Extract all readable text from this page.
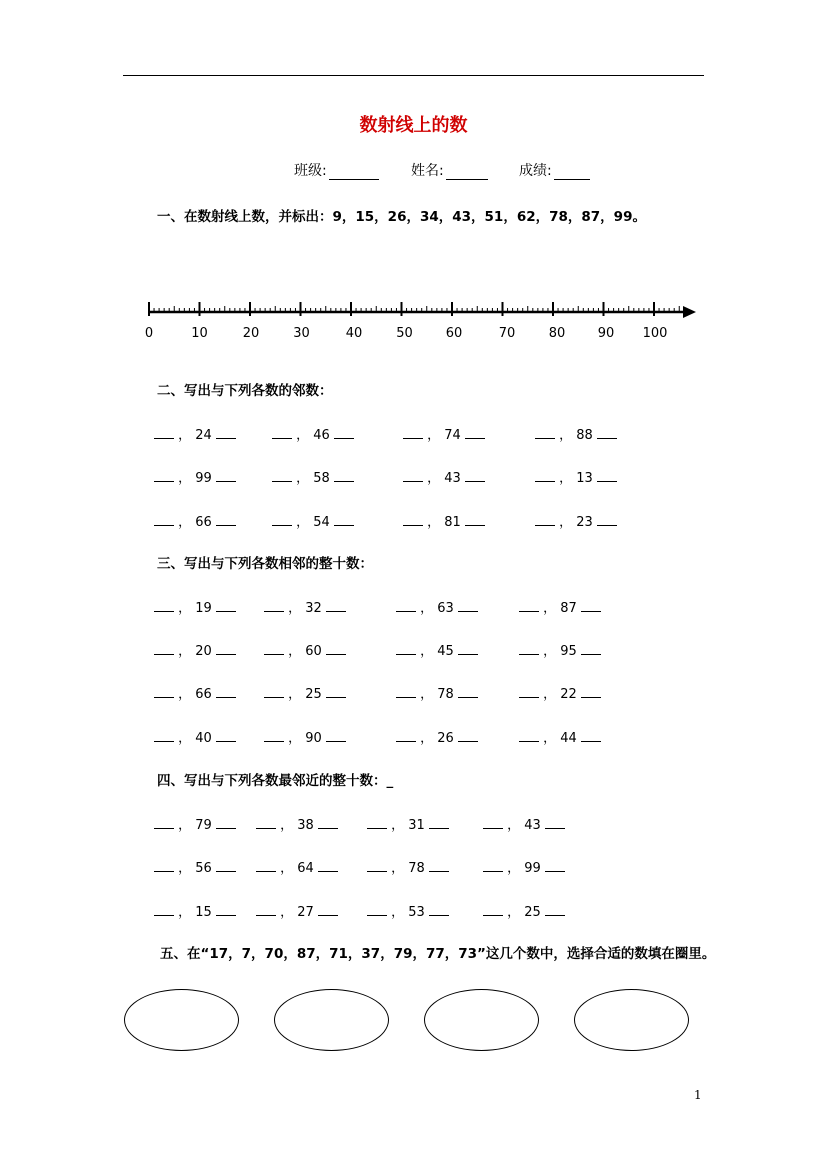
数射线上的数
班级:	姓名:	成绩:
一、在数射线上数，并标出：9，15，26，34，43，51，62，78，87，99。
0	10	20	30	40	50	60	70	80 90 100
二、写出与下列各数的邻数：
， 24	， 46	， 74	， 88
， 99	， 58	， 43	， 13
， 66	， 54	， 81	， 23
三、写出与下列各数相邻的整十数：
， 19	， 32	， 63	， 87
， 20	， 60	， 45	， 95
， 66	， 25	， 78	， 22
， 40	， 90	， 26	， 44
四、写出与下列各数最邻近的整十数：_
， 79	， 38	， 31	， 43
， 56	， 64	， 78	， 99
， 15	， 27	， 53	， 25
五、在“17，7，70，87，71，37，79，77，73”这几个数中，选择合适的数填在圈里。
1
